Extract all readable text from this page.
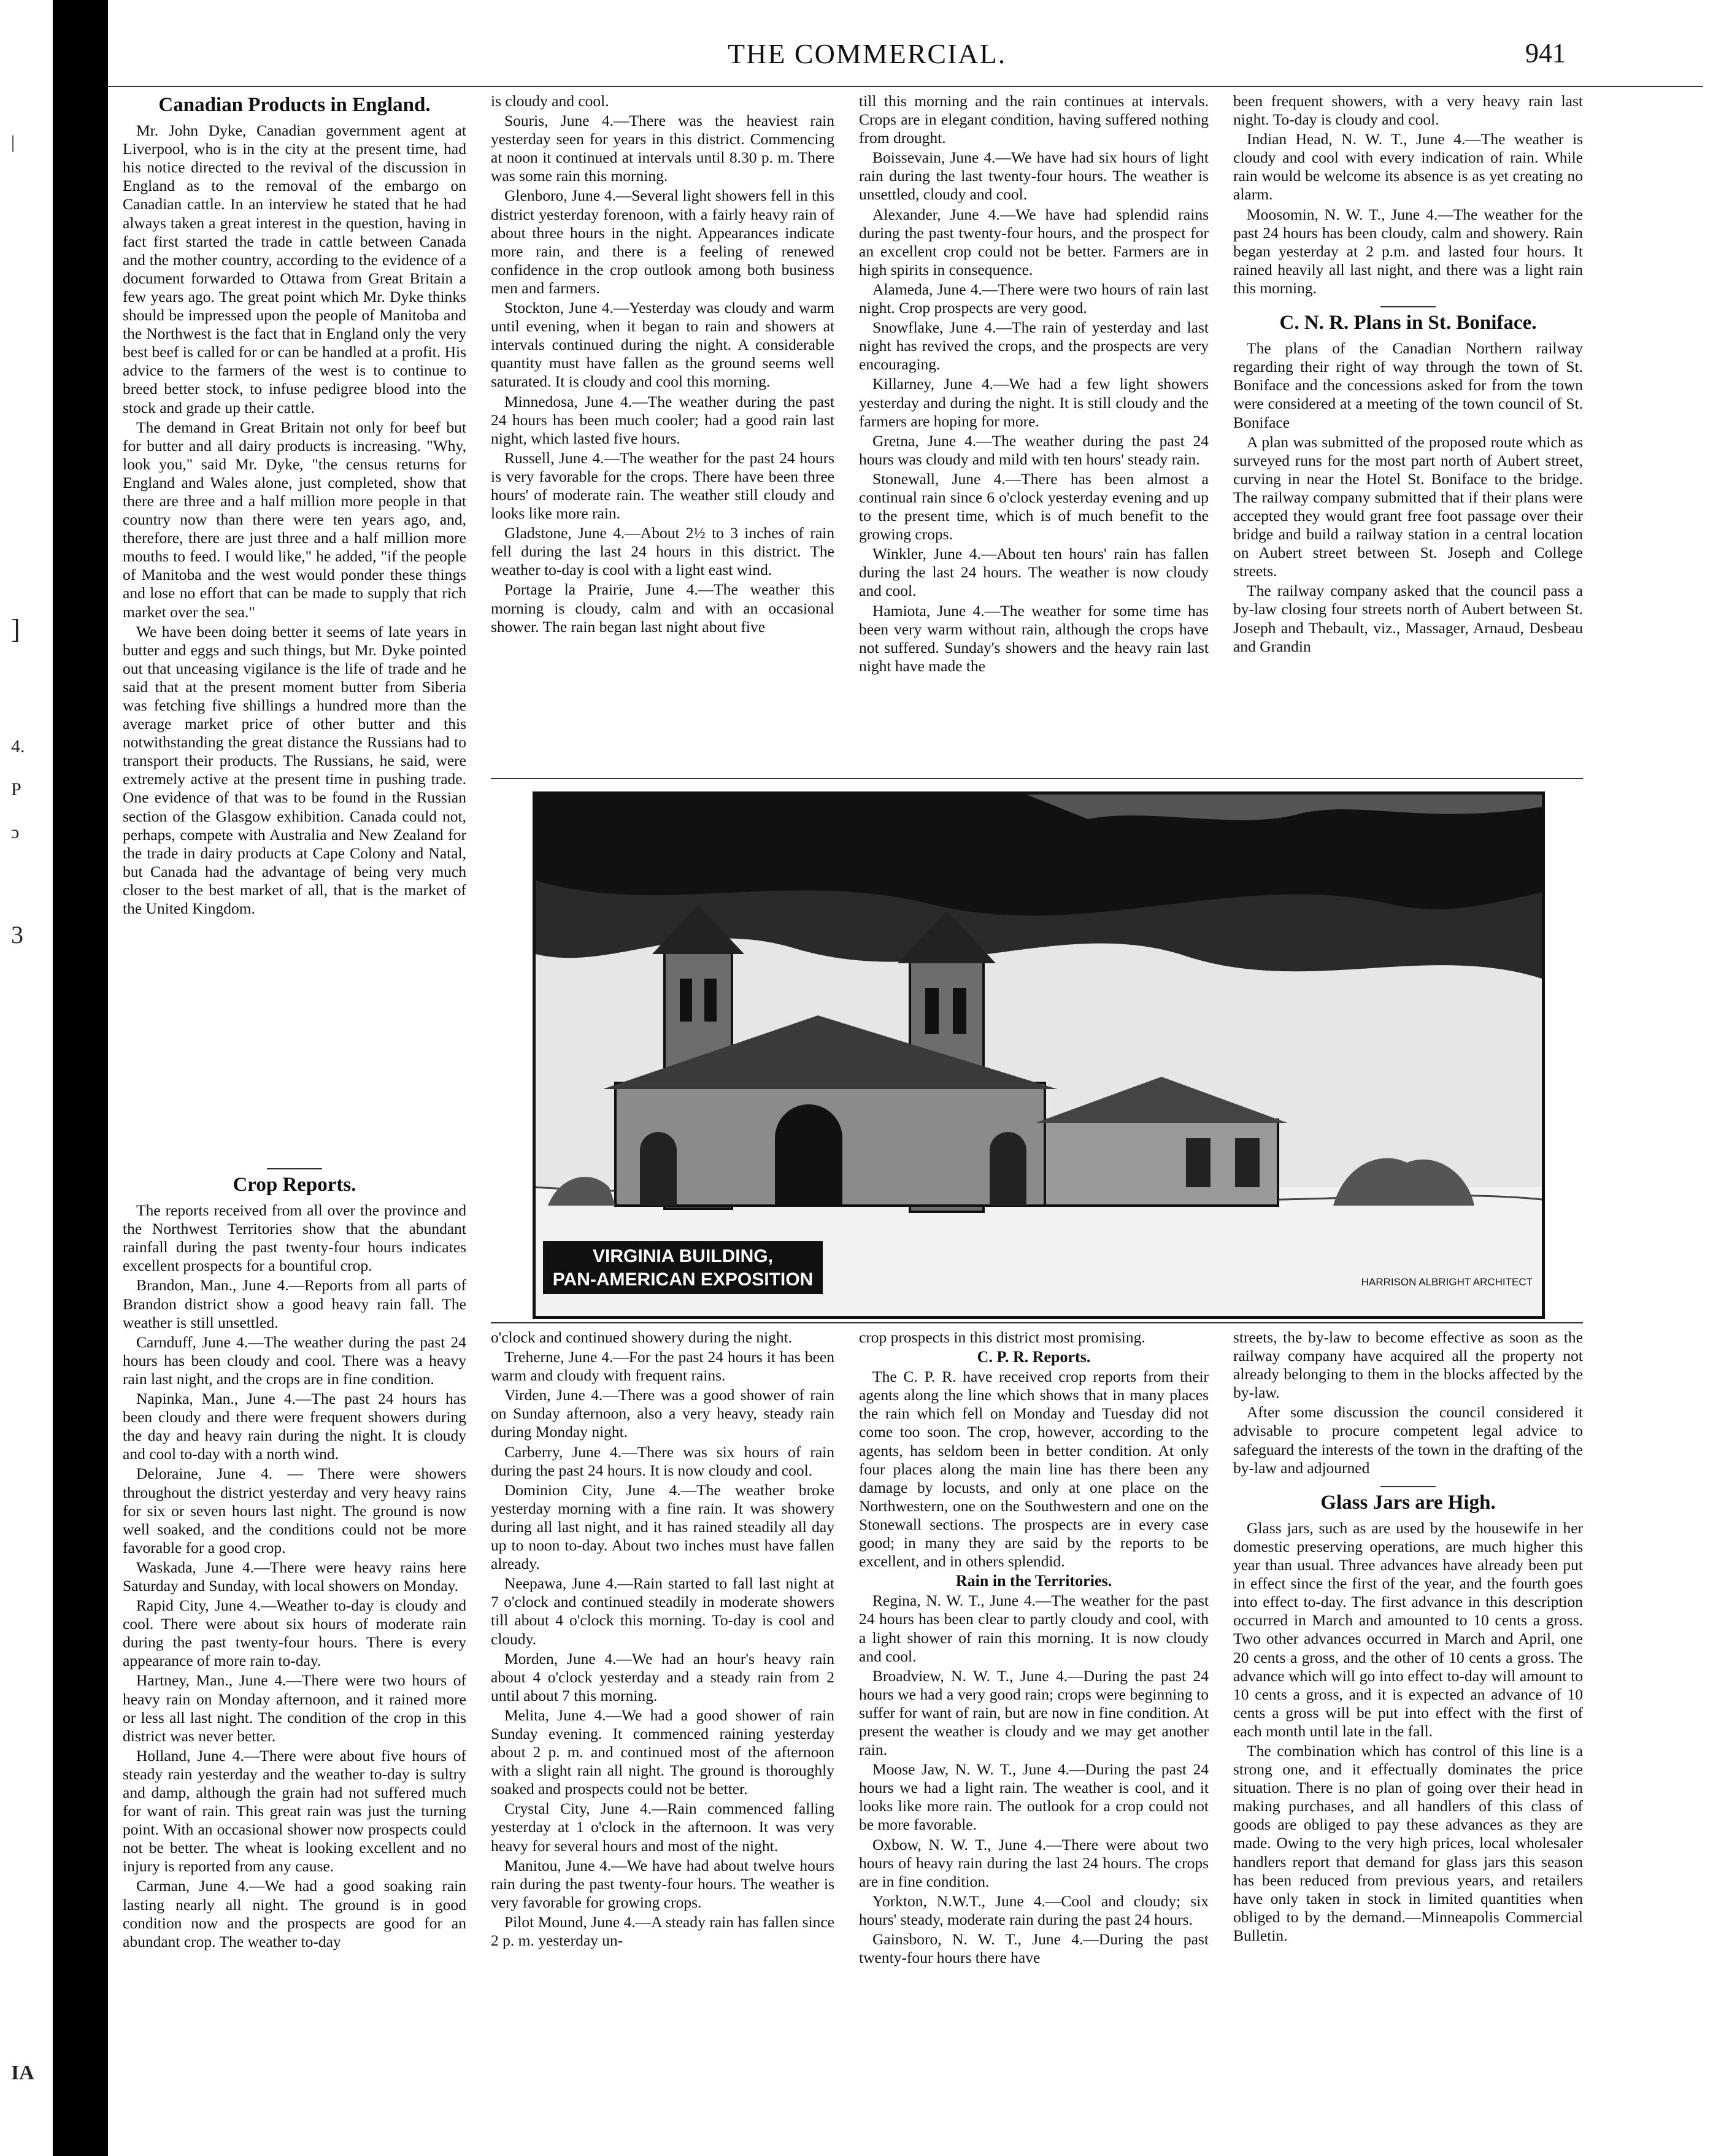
|
]
4.
P
ɔ
3
IA
THE COMMERCIAL.	941
Canadian Products in England.

Mr. John Dyke, Canadian government agent at Liverpool, who is in the city at the present time, had his notice directed to the revival of the discussion in England as to the removal of the embargo on Canadian cattle. In an interview he stated that he had always taken a great interest in the question, having in fact first started the trade in cattle between Canada and the mother country, according to the evidence of a document forwarded to Ottawa from Great Britain a few years ago. The great point which Mr. Dyke thinks should be impressed upon the people of Manitoba and the Northwest is the fact that in England only the very best beef is called for or can be handled at a profit. His advice to the farmers of the west is to continue to breed better stock, to infuse pedigree blood into the stock and grade up their cattle.

The demand in Great Britain not only for beef but for butter and all dairy products is increasing. "Why, look you," said Mr. Dyke, "the census returns for England and Wales alone, just completed, show that there are three and a half million more people in that country now than there were ten years ago, and, therefore, there are just three and a half million more mouths to feed. I would like," he added, "if the people of Manitoba and the west would ponder these things and lose no effort that can be made to supply that rich market over the sea."

We have been doing better it seems of late years in butter and eggs and such things, but Mr. Dyke pointed out that unceasing vigilance is the life of trade and he said that at the present moment butter from Siberia was fetching five shillings a hundred more than the average market price of other butter and this notwithstanding the great distance the Russians had to transport their products. The Russians, he said, were extremely active at the present time in pushing trade. One evidence of that was to be found in the Russian section of the Glasgow exhibition. Canada could not, perhaps, compete with Australia and New Zealand for the trade in dairy products at Cape Colony and Natal, but Canada had the advantage of being very much closer to the best market of all, that is the market of the United Kingdom.

Crop Reports.

The reports received from all over the province and the Northwest Territories show that the abundant rainfall during the past twenty-four hours indicates excellent prospects for a bountiful crop.

Brandon, Man., June 4.—Reports from all parts of Brandon district show a good heavy rain fall. The weather is still unsettled.

Carnduff, June 4.—The weather during the past 24 hours has been cloudy and cool. There was a heavy rain last night, and the crops are in fine condition.

Napinka, Man., June 4.—The past 24 hours has been cloudy and there were frequent showers during the day and heavy rain during the night. It is cloudy and cool to-day with a north wind.

Deloraine, June 4. — There were showers throughout the district yesterday and very heavy rains for six or seven hours last night. The ground is now well soaked, and the conditions could not be more favorable for a good crop.

Waskada, June 4.—There were heavy rains here Saturday and Sunday, with local showers on Monday.

Rapid City, June 4.—Weather to-day is cloudy and cool. There were about six hours of moderate rain during the past twenty-four hours. There is every appearance of more rain to-day.

Hartney, Man., June 4.—There were two hours of heavy rain on Monday afternoon, and it rained more or less all last night. The condition of the crop in this district was never better.

Holland, June 4.—There were about five hours of steady rain yesterday and the weather to-day is sultry and damp, although the grain had not suffered much for want of rain. This great rain was just the turning point. With an occasional shower now prospects could not be better. The wheat is looking excellent and no injury is reported from any cause.

Carman, June 4.—We had a good soaking rain lasting nearly all night. The ground is in good condition now and the prospects are good for an abundant crop. The weather to-day

is cloudy and cool.

Souris, June 4.—There was the heaviest rain yesterday seen for years in this district. Commencing at noon it continued at intervals until 8.30 p. m. There was some rain this morning.

Glenboro, June 4.—Several light showers fell in this district yesterday forenoon, with a fairly heavy rain of about three hours in the night. Appearances indicate more rain, and there is a feeling of renewed confidence in the crop outlook among both business men and farmers.

Stockton, June 4.—Yesterday was cloudy and warm until evening, when it began to rain and showers at intervals continued during the night. A considerable quantity must have fallen as the ground seems well saturated. It is cloudy and cool this morning.

Minnedosa, June 4.—The weather during the past 24 hours has been much cooler; had a good rain last night, which lasted five hours.

Russell, June 4.—The weather for the past 24 hours is very favorable for the crops. There have been three hours' of moderate rain. The weather still cloudy and looks like more rain.

Gladstone, June 4.—About 2½ to 3 inches of rain fell during the last 24 hours in this district. The weather to-day is cool with a light east wind.

Portage la Prairie, June 4.—The weather this morning is cloudy, calm and with an occasional shower. The rain began last night about five

till this morning and the rain continues at intervals. Crops are in elegant condition, having suffered nothing from drought.

Boissevain, June 4.—We have had six hours of light rain during the last twenty-four hours. The weather is unsettled, cloudy and cool.

Alexander, June 4.—We have had splendid rains during the past twenty-four hours, and the prospect for an excellent crop could not be better. Farmers are in high spirits in consequence.

Alameda, June 4.—There were two hours of rain last night. Crop prospects are very good.

Snowflake, June 4.—The rain of yesterday and last night has revived the crops, and the prospects are very encouraging.

Killarney, June 4.—We had a few light showers yesterday and during the night. It is still cloudy and the farmers are hoping for more.

Gretna, June 4.—The weather during the past 24 hours was cloudy and mild with ten hours' steady rain.

Stonewall, June 4.—There has been almost a continual rain since 6 o'clock yesterday evening and up to the present time, which is of much benefit to the growing crops.

Winkler, June 4.—About ten hours' rain has fallen during the last 24 hours. The weather is now cloudy and cool.

Hamiota, June 4.—The weather for some time has been very warm without rain, although the crops have not suffered. Sunday's showers and the heavy rain last night have made the

been frequent showers, with a very heavy rain last night. To-day is cloudy and cool.

Indian Head, N. W. T., June 4.—The weather is cloudy and cool with every indication of rain. While rain would be welcome its absence is as yet creating no alarm.

Moosomin, N. W. T., June 4.—The weather for the past 24 hours has been cloudy, calm and showery. Rain began yesterday at 2 p.m. and lasted four hours. It rained heavily all last night, and there was a light rain this morning.

C. N. R. Plans in St. Boniface.

The plans of the Canadian Northern railway regarding their right of way through the town of St. Boniface and the concessions asked for from the town were considered at a meeting of the town council of St. Boniface

A plan was submitted of the proposed route which as surveyed runs for the most part north of Aubert street, curving in near the Hotel St. Boniface to the bridge. The railway company submitted that if their plans were accepted they would grant free foot passage over their bridge and build a railway station in a central location on Aubert street between St. Joseph and College streets.

The railway company asked that the council pass a by-law closing four streets north of Aubert between St. Joseph and Thebault, viz., Massager, Arnaud, Desbeau and Grandin

VIRGINIA BUILDING,
PAN-AMERICAN EXPOSITION	HARRISON ALBRIGHT ARCHITECT

o'clock and continued showery during the night.

Treherne, June 4.—For the past 24 hours it has been warm and cloudy with frequent rains.

Virden, June 4.—There was a good shower of rain on Sunday afternoon, also a very heavy, steady rain during Monday night.

Carberry, June 4.—There was six hours of rain during the past 24 hours. It is now cloudy and cool.

Dominion City, June 4.—The weather broke yesterday morning with a fine rain. It was showery during all last night, and it has rained steadily all day up to noon to-day. About two inches must have fallen already.

Neepawa, June 4.—Rain started to fall last night at 7 o'clock and continued steadily in moderate showers till about 4 o'clock this morning. To-day is cool and cloudy.

Morden, June 4.—We had an hour's heavy rain about 4 o'clock yesterday and a steady rain from 2 until about 7 this morning.

Melita, June 4.—We had a good shower of rain Sunday evening. It commenced raining yesterday about 2 p. m. and continued most of the afternoon with a slight rain all night. The ground is thoroughly soaked and prospects could not be better.

Crystal City, June 4.—Rain commenced falling yesterday at 1 o'clock in the afternoon. It was very heavy for several hours and most of the night.

Manitou, June 4.—We have had about twelve hours rain during the past twenty-four hours. The weather is very favorable for growing crops.

Pilot Mound, June 4.—A steady rain has fallen since 2 p. m. yesterday un-

crop prospects in this district most promising.

C. P. R. Reports.

The C. P. R. have received crop reports from their agents along the line which shows that in many places the rain which fell on Monday and Tuesday did not come too soon. The crop, however, according to the agents, has seldom been in better condition. At only four places along the main line has there been any damage by locusts, and only at one place on the Northwestern, one on the Southwestern and one on the Stonewall sections. The prospects are in every case good; in many they are said by the reports to be excellent, and in others splendid.

Rain in the Territories.

Regina, N. W. T., June 4.—The weather for the past 24 hours has been clear to partly cloudy and cool, with a light shower of rain this morning. It is now cloudy and cool.

Broadview, N. W. T., June 4.—During the past 24 hours we had a very good rain; crops were beginning to suffer for want of rain, but are now in fine condition. At present the weather is cloudy and we may get another rain.

Moose Jaw, N. W. T., June 4.—During the past 24 hours we had a light rain. The weather is cool, and it looks like more rain. The outlook for a crop could not be more favorable.

Oxbow, N. W. T., June 4.—There were about two hours of heavy rain during the last 24 hours. The crops are in fine condition.

Yorkton, N.W.T., June 4.—Cool and cloudy; six hours' steady, moderate rain during the past 24 hours.

Gainsboro, N. W. T., June 4.—During the past twenty-four hours there have

streets, the by-law to become effective as soon as the railway company have acquired all the property not already belonging to them in the blocks affected by the by-law.

After some discussion the council considered it advisable to procure competent legal advice to safeguard the interests of the town in the drafting of the by-law and adjourned

Glass Jars are High.

Glass jars, such as are used by the housewife in her domestic preserving operations, are much higher this year than usual. Three advances have already been put in effect since the first of the year, and the fourth goes into effect to-day. The first advance in this description occurred in March and amounted to 10 cents a gross. Two other advances occurred in March and April, one 20 cents a gross, and the other of 10 cents a gross. The advance which will go into effect to-day will amount to 10 cents a gross, and it is expected an advance of 10 cents a gross will be put into effect with the first of each month until late in the fall.

The combination which has control of this line is a strong one, and it effectually dominates the price situation. There is no plan of going over their head in making purchases, and all handlers of this class of goods are obliged to pay these advances as they are made. Owing to the very high prices, local wholesaler handlers report that demand for glass jars this season has been reduced from previous years, and retailers have only taken in stock in limited quantities when obliged to by the demand.—Minneapolis Commercial Bulletin.
